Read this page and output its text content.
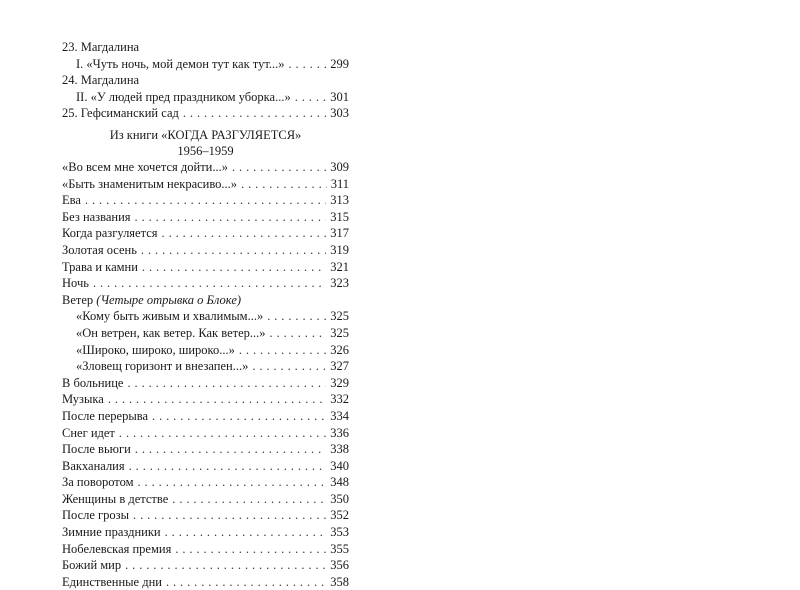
23. Магдалина
I. «Чуть ночь, мой демон тут как тут...» . . .	299
24. Магдалина
II. «У людей пред праздником уборка...» . . .	301
25. Гефсиманский сад . . .	303
Из книги «КОГДА РАЗГУЛЯЕТСЯ»
1956–1959
«Во всем мне хочется дойти...» . . .	309
«Быть знаменитым некрасиво...» . . .	311
Ева . . .	313
Без названия . . .	315
Когда разгуляется . . .	317
Золотая осень . . .	319
Трава и камни . . .	321
Ночь . . .	323
Ветер (Четыре отрывка о Блоке)
«Кому быть живым и хвалимым...» . . .	325
«Он ветрен, как ветер. Как ветер...» . . .	325
«Широко, широко, широко...» . . .	326
«Зловещ горизонт и внезапен...» . . .	327
В больнице . . .	329
Музыка . . .	332
После перерыва . . .	334
Снег идет . . .	336
После вьюги . . .	338
Вакханалия . . .	340
За поворотом . . .	348
Женщины в детстве . . .	350
После грозы . . .	352
Зимние праздники . . .	353
Нобелевская премия . . .	355
Божий мир . . .	356
Единственные дни . . .	358
